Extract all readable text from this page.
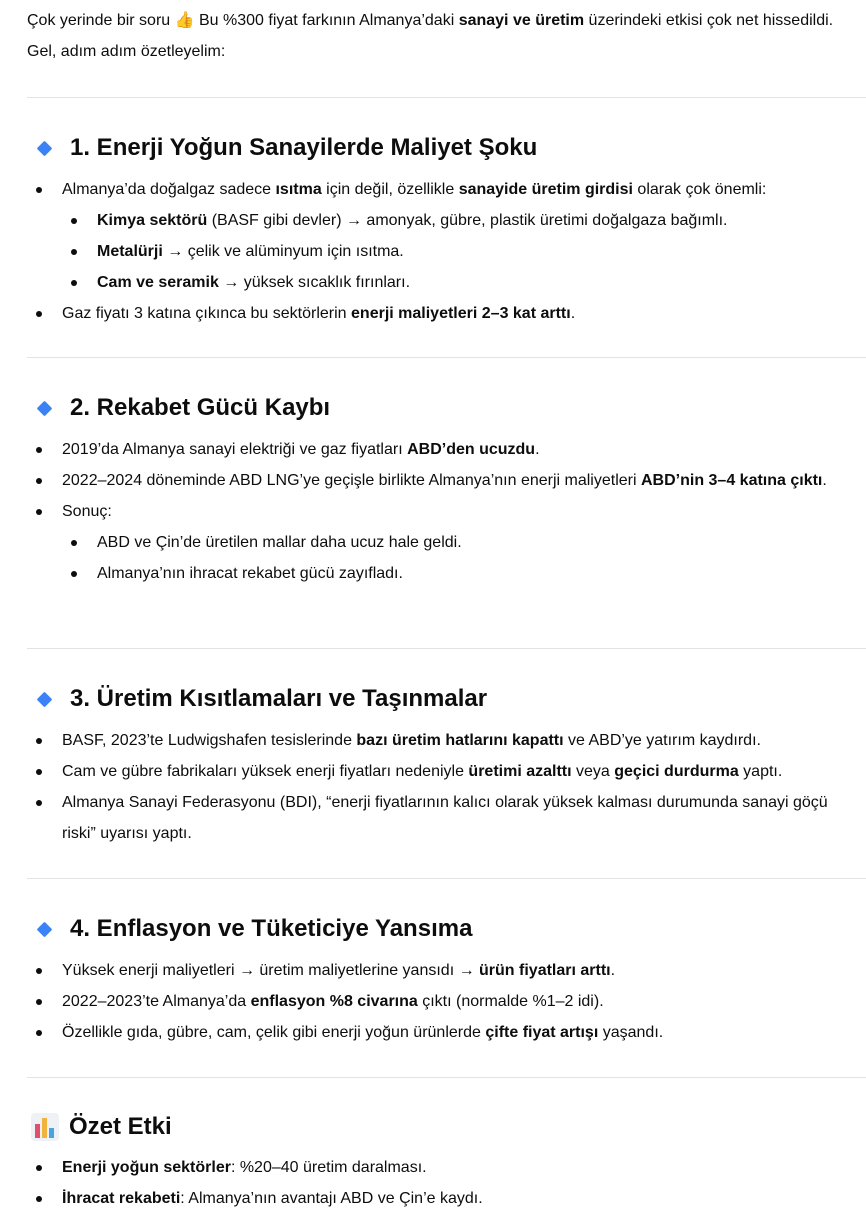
Çok yerinde bir soru 👍 Bu %300 fiyat farkının Almanya’daki sanayi ve üretim üzerindeki etkisi çok net hissedildi. Gel, adım adım özetleyelim:

1. Enerji Yoğun Sanayilerde Maliyet Şoku
Almanya’da doğalgaz sadece ısıtma için değil, özellikle sanayide üretim girdisi olarak çok önemli:
Kimya sektörü (BASF gibi devler) → amonyak, gübre, plastik üretimi doğalgaza bağımlı.
Metalürji → çelik ve alüminyum için ısıtma.
Cam ve seramik → yüksek sıcaklık fırınları.
Gaz fiyatı 3 katına çıkınca bu sektörlerin enerji maliyetleri 2–3 kat arttı.
2. Rekabet Gücü Kaybı
2019’da Almanya sanayi elektriği ve gaz fiyatları ABD’den ucuzdu.
2022–2024 döneminde ABD LNG’ye geçişle birlikte Almanya’nın enerji maliyetleri ABD’nin 3–4 katına çıktı.
Sonuç:
ABD ve Çin’de üretilen mallar daha ucuz hale geldi.
Almanya’nın ihracat rekabet gücü zayıfladı.
3. Üretim Kısıtlamaları ve Taşınmalar
BASF, 2023’te Ludwigshafen tesislerinde bazı üretim hatlarını kapattı ve ABD’ye yatırım kaydırdı.
Cam ve gübre fabrikaları yüksek enerji fiyatları nedeniyle üretimi azalttı veya geçici durdurma yaptı.
Almanya Sanayi Federasyonu (BDI), “enerji fiyatlarının kalıcı olarak yüksek kalması durumunda sanayi göçü riski” uyarısı yaptı.
4. Enflasyon ve Tüketiciye Yansıma
Yüksek enerji maliyetleri → üretim maliyetlerine yansıdı → ürün fiyatları arttı.
2022–2023’te Almanya’da enflasyon %8 civarına çıktı (normalde %1–2 idi).
Özellikle gıda, gübre, cam, çelik gibi enerji yoğun ürünlerde çifte fiyat artışı yaşandı.
Özet Etki
Enerji yoğun sektörler: %20–40 üretim daralması.
İhracat rekabeti: Almanya’nın avantajı ABD ve Çin’e kaydı.
